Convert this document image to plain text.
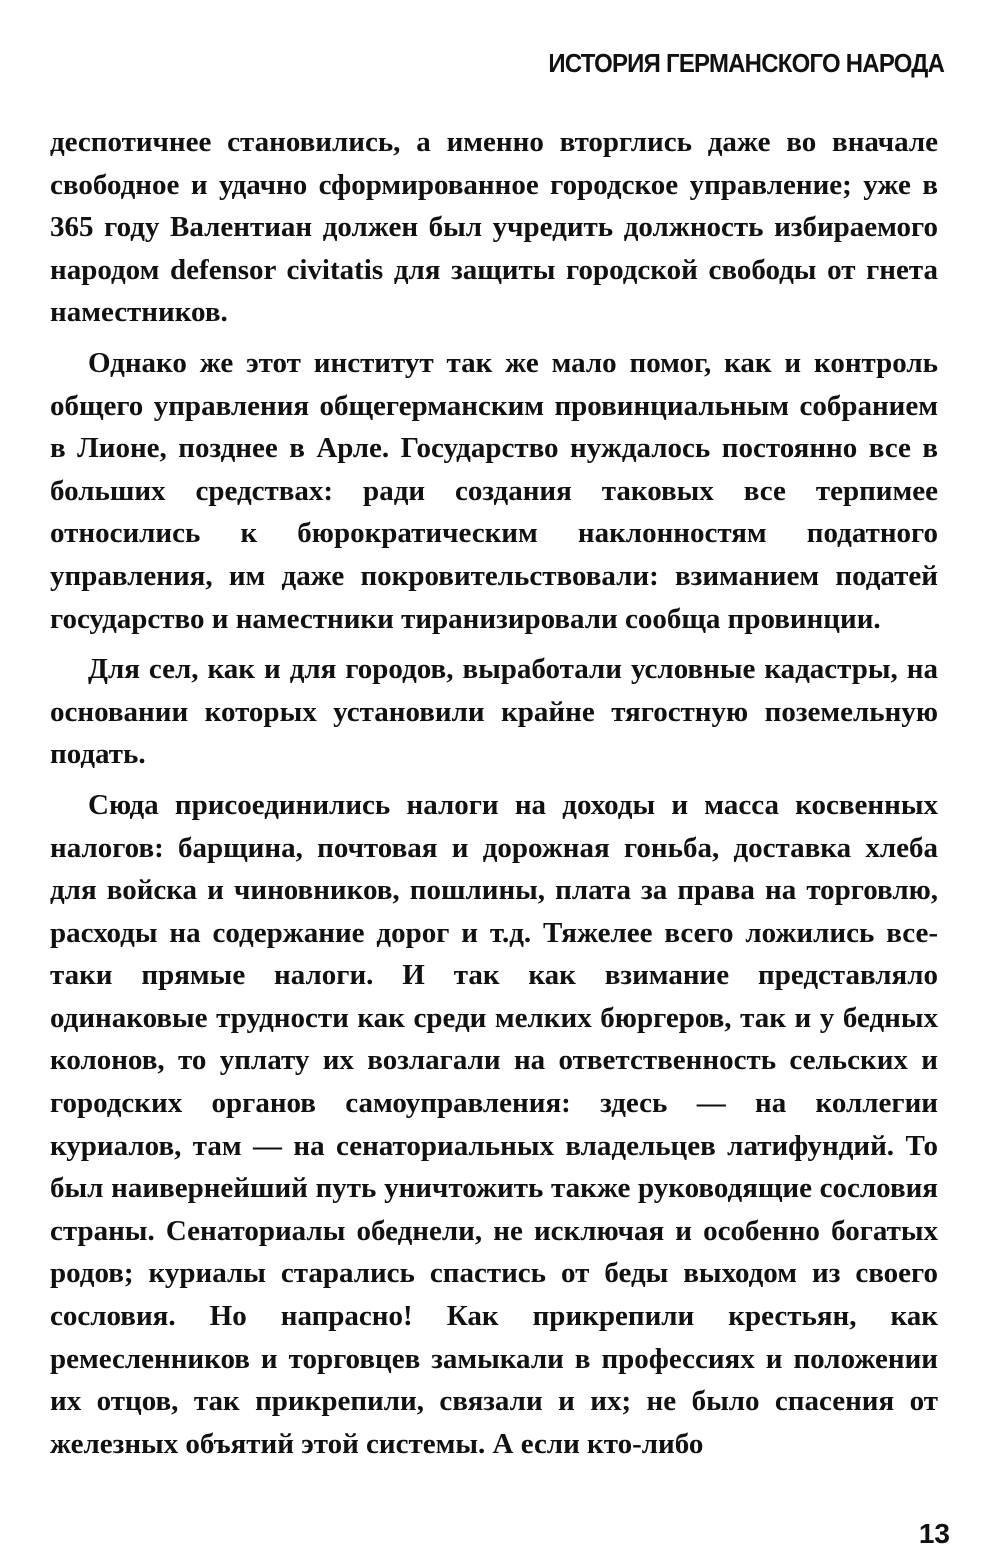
ИСТОРИЯ ГЕРМАНСКОГО НАРОДА

деспотичнее становились, а именно вторглись даже во вначале свободное и удачно сформированное городское управление; уже в 365 году Валентиан должен был учредить должность избираемого народом defensor civitatis для защиты городской свободы от гнета наместников.

Однако же этот институт так же мало помог, как и контроль общего управления общегерманским провинциальным собранием в Лионе, позднее в Арле. Государство нуждалось постоянно все в больших средствах: ради создания таковых все терпимее относились к бюрократическим наклонностям податного управления, им даже покровительствовали: взиманием податей государство и наместники тиранизировали сообща провинции.

Для сел, как и для городов, выработали условные кадастры, на основании которых установили крайне тягостную поземельную подать.

Сюда присоединились налоги на доходы и масса косвенных налогов: барщина, почтовая и дорожная гоньба, доставка хлеба для войска и чиновников, пошлины, плата за права на торговлю, расходы на содержание дорог и т.д. Тяжелее всего ложились все-таки прямые налоги. И так как взимание представляло одинаковые трудности как среди мелких бюргеров, так и у бедных колонов, то уплату их возлагали на ответственность сельских и городских органов самоуправления: здесь — на коллегии куриалов, там — на сенаториальных владельцев латифундий. То был наивернейший путь уничтожить также руководящие сословия страны. Сенаториалы обеднели, не исключая и особенно богатых родов; куриалы старались спастись от беды выходом из своего сословия. Но напрасно! Как прикрепили крестьян, как ремесленников и торговцев замыкали в профессиях и положении их отцов, так прикрепили, связали и их; не было спасения от железных объятий этой системы. А если кто-либо

13
